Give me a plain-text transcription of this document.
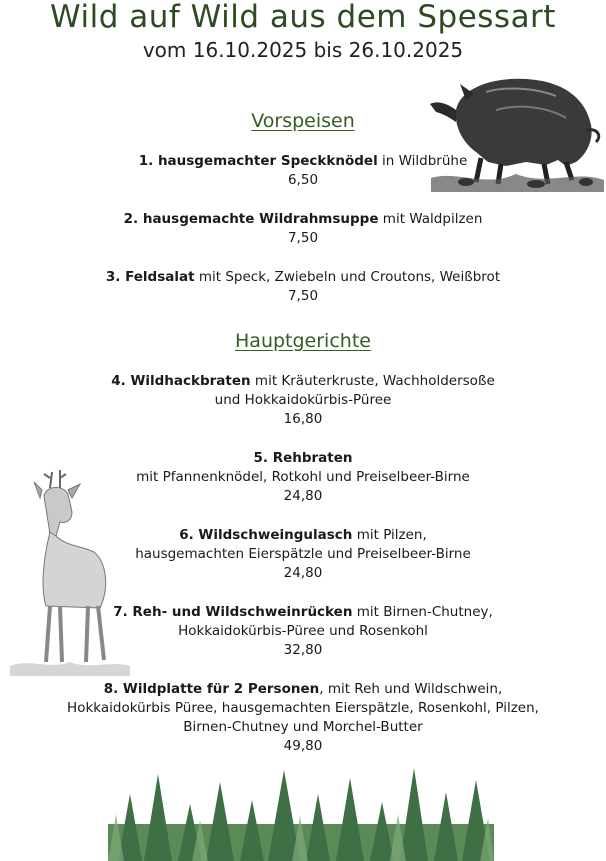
Wild auf Wild aus dem Spessart
vom 16.10.2025 bis 26.10.2025
Vorspeisen
1. hausgemachter Speckknödel in Wildbrühe
6,50
2. hausgemachte Wildrahmsuppe mit Waldpilzen
7,50
3. Feldsalat mit Speck, Zwiebeln und Croutons, Weißbrot
7,50
Hauptgerichte
4. Wildhackbraten mit Kräuterkruste, Wachholdersoße
und Hokkaidokürbis-Püree
16,80
5. Rehbraten
mit Pfannenknödel, Rotkohl und Preiselbeer-Birne
24,80
6. Wildschweingulasch mit Pilzen,
hausgemachten Eierspätzle und Preiselbeer-Birne
24,80
7. Reh- und Wildschweinrücken mit Birnen-Chutney,
Hokkaidokürbis-Püree und Rosenkohl
32,80
8. Wildplatte für 2 Personen, mit Reh und Wildschwein,
Hokkaidokürbis Püree, hausgemachten Eierspätzle, Rosenkohl, Pilzen,
Birnen-Chutney und Morchel-Butter
49,80
